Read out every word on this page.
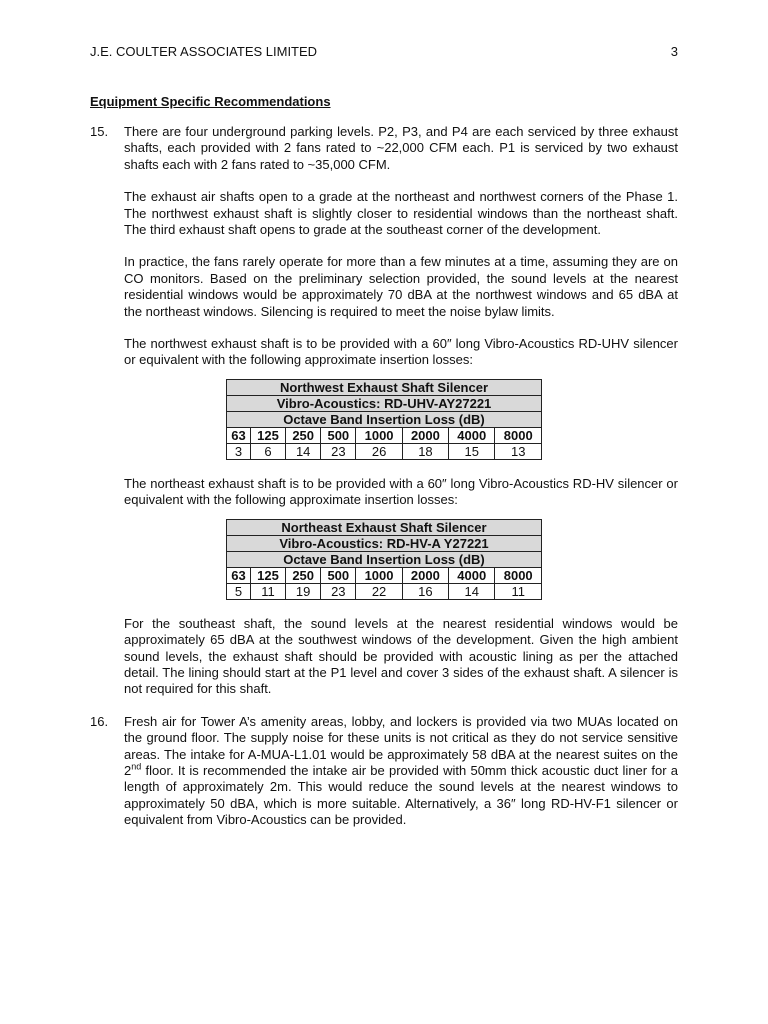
J.E. COULTER ASSOCIATES LIMITED	3
Equipment Specific Recommendations
15. There are four underground parking levels. P2, P3, and P4 are each serviced by three exhaust shafts, each provided with 2 fans rated to ~22,000 CFM each. P1 is serviced by two exhaust shafts each with 2 fans rated to ~35,000 CFM.

The exhaust air shafts open to a grade at the northeast and northwest corners of the Phase 1. The northwest exhaust shaft is slightly closer to residential windows than the northeast shaft. The third exhaust shaft opens to grade at the southeast corner of the development.

In practice, the fans rarely operate for more than a few minutes at a time, assuming they are on CO monitors. Based on the preliminary selection provided, the sound levels at the nearest residential windows would be approximately 70 dBA at the northwest windows and 65 dBA at the northeast windows. Silencing is required to meet the noise bylaw limits.

The northwest exhaust shaft is to be provided with a 60″ long Vibro-Acoustics RD-UHV silencer or equivalent with the following approximate insertion losses:

Northwest Exhaust Shaft Silencer							
Vibro-Acoustics: RD-UHV-AY27221							
Octave Band Insertion Loss (dB)							
63	125	250	500	1000	2000	4000	8000
3	6	14	23	26	18	15	13

The northeast exhaust shaft is to be provided with a 60″ long Vibro-Acoustics RD-HV silencer or equivalent with the following approximate insertion losses:

Northeast Exhaust Shaft Silencer							
Vibro-Acoustics: RD-HV-A Y27221							
Octave Band Insertion Loss (dB)							
63	125	250	500	1000	2000	4000	8000
5	11	19	23	22	16	14	11

For the southeast shaft, the sound levels at the nearest residential windows would be approximately 65 dBA at the southwest windows of the development. Given the high ambient sound levels, the exhaust shaft should be provided with acoustic lining as per the attached detail. The lining should start at the P1 level and cover 3 sides of the exhaust shaft. A silencer is not required for this shaft.

16. Fresh air for Tower A’s amenity areas, lobby, and lockers is provided via two MUAs located on the ground floor. The supply noise for these units is not critical as they do not service sensitive areas. The intake for A-MUA-L1.01 would be approximately 58 dBA at the nearest suites on the 2nd floor. It is recommended the intake air be provided with 50mm thick acoustic duct liner for a length of approximately 2m. This would reduce the sound levels at the nearest windows to approximately 50 dBA, which is more suitable. Alternatively, a 36″ long RD-HV-F1 silencer or equivalent from Vibro-Acoustics can be provided.
